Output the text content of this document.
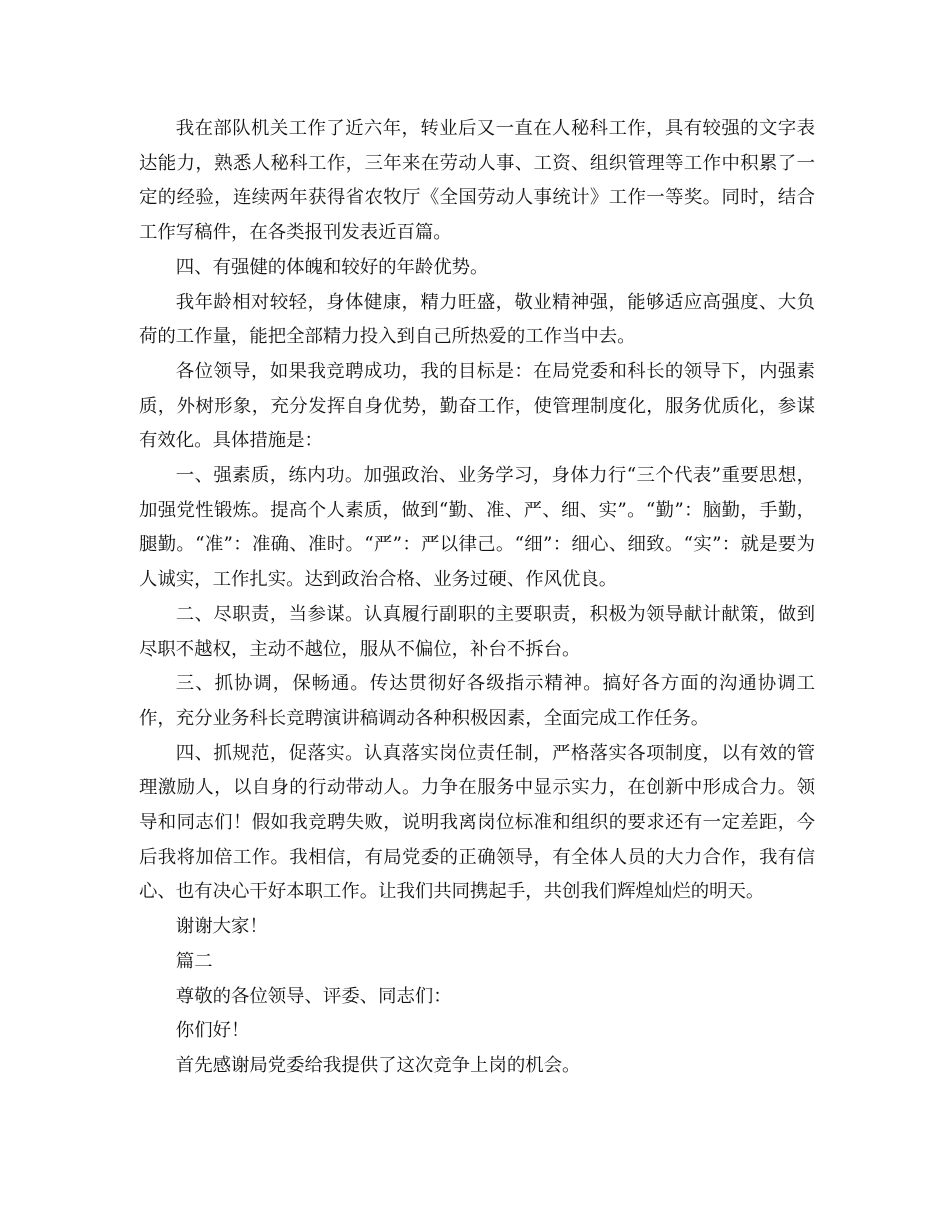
我在部队机关工作了近六年，转业后又一直在人秘科工作，具有较强的文字表达能力，熟悉人秘科工作，三年来在劳动人事、工资、组织管理等工作中积累了一定的经验，连续两年获得省农牧厅《全国劳动人事统计》工作一等奖。同时，结合工作写稿件，在各类报刊发表近百篇。

四、有强健的体魄和较好的年龄优势。

我年龄相对较轻，身体健康，精力旺盛，敬业精神强，能够适应高强度、大负荷的工作量，能把全部精力投入到自己所热爱的工作当中去。

各位领导，如果我竞聘成功，我的目标是：在局党委和科长的领导下，内强素质，外树形象，充分发挥自身优势，勤奋工作，使管理制度化，服务优质化，参谋有效化。具体措施是：

一、强素质，练内功。加强政治、业务学习，身体力行“三个代表”重要思想，加强党性锻炼。提高个人素质，做到“勤、准、严、细、实”。“勤”：脑勤，手勤，腿勤。“准”：准确、准时。“严”：严以律己。“细”：细心、细致。“实”：就是要为人诚实，工作扎实。达到政治合格、业务过硬、作风优良。

二、尽职责，当参谋。认真履行副职的主要职责，积极为领导献计献策，做到尽职不越权，主动不越位，服从不偏位，补台不拆台。

三、抓协调，保畅通。传达贯彻好各级指示精神。搞好各方面的沟通协调工作，充分业务科长竞聘演讲稿调动各种积极因素，全面完成工作任务。

四、抓规范，促落实。认真落实岗位责任制，严格落实各项制度，以有效的管理激励人，以自身的行动带动人。力争在服务中显示实力，在创新中形成合力。领导和同志们！假如我竞聘失败，说明我离岗位标准和组织的要求还有一定差距，今后我将加倍工作。我相信，有局党委的正确领导，有全体人员的大力合作，我有信心、也有决心干好本职工作。让我们共同携起手，共创我们辉煌灿烂的明天。

谢谢大家！

篇二

尊敬的各位领导、评委、同志们：

你们好！

首先感谢局党委给我提供了这次竞争上岗的机会。
